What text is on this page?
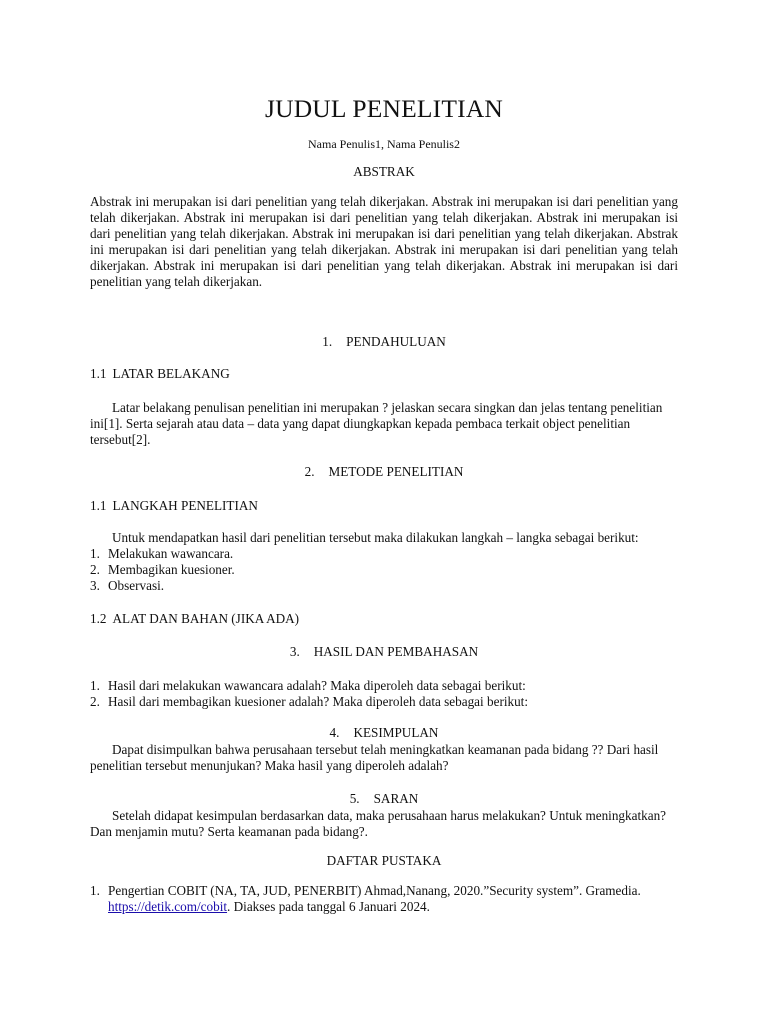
JUDUL PENELITIAN
Nama Penulis1, Nama Penulis2
ABSTRAK
Abstrak ini merupakan isi dari penelitian yang telah dikerjakan. Abstrak ini merupakan isi dari penelitian yang telah dikerjakan. Abstrak ini merupakan isi dari penelitian yang telah dikerjakan. Abstrak ini merupakan isi dari penelitian yang telah dikerjakan. Abstrak ini merupakan isi dari penelitian yang telah dikerjakan. Abstrak ini merupakan isi dari penelitian yang telah dikerjakan. Abstrak ini merupakan isi dari penelitian yang telah dikerjakan. Abstrak ini merupakan isi dari penelitian yang telah dikerjakan. Abstrak ini merupakan isi dari penelitian yang telah dikerjakan.
1. PENDAHULUAN
1.1 LATAR BELAKANG
Latar belakang penulisan penelitian ini merupakan ? jelaskan secara singkan dan jelas tentang penelitian ini[1]. Serta sejarah atau data – data yang dapat diungkapkan kepada pembaca terkait object penelitian tersebut[2].
2. METODE PENELITIAN
1.1 LANGKAH PENELITIAN
Untuk mendapatkan hasil dari penelitian tersebut maka dilakukan langkah – langka sebagai berikut:
1. Melakukan wawancara.
2. Membagikan kuesioner.
3. Observasi.
1.2 ALAT DAN BAHAN (JIKA ADA)
3. HASIL DAN PEMBAHASAN
1. Hasil dari melakukan wawancara adalah? Maka diperoleh data sebagai berikut:
2. Hasil dari membagikan kuesioner adalah? Maka diperoleh data sebagai berikut:
4. KESIMPULAN
Dapat disimpulkan bahwa perusahaan tersebut telah meningkatkan keamanan pada bidang ?? Dari hasil penelitian tersebut menunjukan? Maka hasil yang diperoleh adalah?
5. SARAN
Setelah didapat kesimpulan berdasarkan data, maka perusahaan harus melakukan? Untuk meningkatkan? Dan menjamin mutu? Serta keamanan pada bidang?.
DAFTAR PUSTAKA
1. Pengertian COBIT (NA, TA, JUD, PENERBIT) Ahmad,Nanang, 2020.”Security system”. Gramedia. https://detik.com/cobit. Diakses pada tanggal 6 Januari 2024.
